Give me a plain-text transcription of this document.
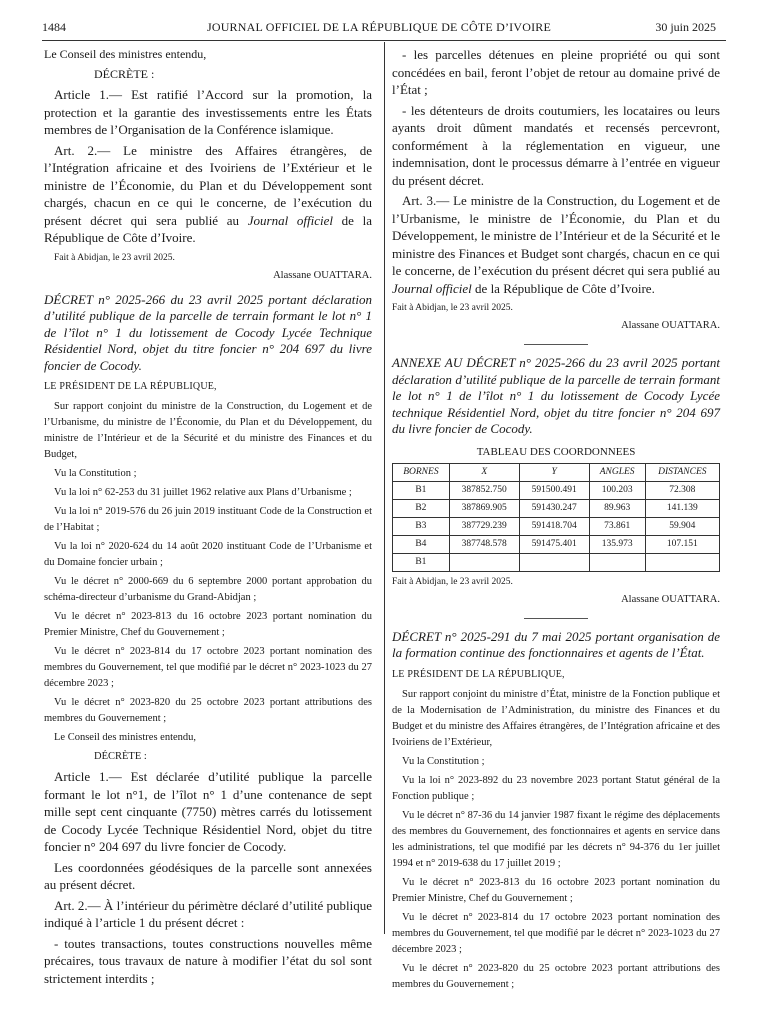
1484	JOURNAL OFFICIEL DE LA RÉPUBLIQUE DE CÔTE D’IVOIRE	30 juin 2025

Le Conseil des ministres entendu,

DÉCRÈTE :

Article 1.— Est ratifié l’Accord sur la promotion, la protection et la garantie des investissements entre les États membres de l’Organisation de la Conférence islamique.

Art. 2.— Le ministre des Affaires étrangères, de l’Intégration africaine et des Ivoiriens de l’Extérieur et le ministre de l’Économie, du Plan et du Développement sont chargés, chacun en ce qui le concerne, de l’exécution du présent décret qui sera publié au Journal officiel de la République de Côte d’Ivoire.

Fait à Abidjan, le 23 avril 2025.

Alassane OUATTARA.

DÉCRET n° 2025-266 du 23 avril 2025 portant déclaration d’utilité publique de la parcelle de terrain formant le lot n° 1 de l’îlot n° 1 du lotissement de Cocody Lycée Technique Résidentiel Nord, objet du titre foncier n° 204 697 du livre foncier de Cocody.

LE PRÉSIDENT DE LA RÉPUBLIQUE,

Sur rapport conjoint du ministre de la Construction, du Logement et de l’Urbanisme, du ministre de l’Économie, du Plan et du Développement, du ministre de l’Intérieur et de la Sécurité et du ministre des Finances et du Budget,

Vu la Constitution ;

Vu la loi n° 62-253 du 31 juillet 1962 relative aux Plans d’Urbanisme ;

Vu la loi n° 2019-576 du 26 juin 2019 instituant Code de la Construction et de l’Habitat ;

Vu la loi n° 2020-624 du 14 août 2020 instituant Code de l’Urbanisme et du Domaine foncier urbain ;

Vu le décret n° 2000-669 du 6 septembre 2000 portant approbation du schéma-directeur d’urbanisme du Grand-Abidjan ;

Vu le décret n° 2023-813 du 16 octobre 2023 portant nomination du Premier Ministre, Chef du Gouvernement ;

Vu le décret n° 2023-814 du 17 octobre 2023 portant nomination des membres du Gouvernement, tel que modifié par le décret n° 2023-1023 du 27 décembre 2023 ;

Vu le décret n° 2023-820 du 25 octobre 2023 portant attributions des membres du Gouvernement ;

Le Conseil des ministres entendu,

DÉCRÈTE :

Article 1.— Est déclarée d’utilité publique la parcelle formant le lot n°1, de l’îlot n° 1 d’une contenance de sept mille sept cent cinquante (7750) mètres carrés du lotissement de Cocody Lycée Technique Résidentiel Nord, objet du titre foncier n° 204 697 du livre foncier de Cocody.

Les coordonnées géodésiques de la parcelle sont annexées au présent décret.

Art. 2.— À l’intérieur du périmètre déclaré d’utilité publique indiqué à l’article 1 du présent décret :

- toutes transactions, toutes constructions nouvelles même précaires, tous travaux de nature à modifier l’état du sol sont strictement interdits ;

- les parcelles détenues en pleine propriété ou qui sont concédées en bail, feront l’objet de retour au domaine privé de l’État ;

- les détenteurs de droits coutumiers, les locataires ou leurs ayants droit dûment mandatés et recensés percevront, conformément à la réglementation en vigueur, une indemnisation, dont le processus démarre à l’entrée en vigueur du présent décret.

Art. 3.— Le ministre de la Construction, du Logement et de l’Urbanisme, le ministre de l’Économie, du Plan et du Développement, le ministre de l’Intérieur et de la Sécurité et le ministre des Finances et Budget sont chargés, chacun en ce qui le concerne, de l’exécution du présent décret qui sera publié au Journal officiel de la République de Côte d’Ivoire.

Fait à Abidjan, le 23 avril 2025.

Alassane OUATTARA.

ANNEXE AU DÉCRET n° 2025-266 du 23 avril 2025 portant déclaration d’utilité publique de la parcelle de terrain formant le lot n° 1 de l’îlot n° 1 du lotissement de Cocody Lycée technique Résidentiel Nord, objet du titre foncier n° 204 697 du livre foncier de Cocody.

TABLEAU DES COORDONNEES

BORNES	X	Y	ANGLES	DISTANCES
B1	387852.750	591500.491	100.203	72.308
B2	387869.905	591430.247	89.963	141.139
B3	387729.239	591418.704	73.861	59.904
B4	387748.578	591475.401	135.973	107.151
B1				

Fait à Abidjan, le 23 avril 2025.

Alassane OUATTARA.

DÉCRET n° 2025-291 du 7 mai 2025 portant organisation de la formation continue des fonctionnaires et agents de l’État.

LE PRÉSIDENT DE LA RÉPUBLIQUE,

Sur rapport conjoint du ministre d’État, ministre de la Fonction publique et de la Modernisation de l’Administration, du ministre des Finances et du Budget et du ministre des Affaires étrangères, de l’Intégration africaine et des Ivoiriens de l’Extérieur,

Vu la Constitution ;

Vu la loi n° 2023-892 du 23 novembre 2023 portant Statut général de la Fonction publique ;

Vu le décret n° 87-36 du 14 janvier 1987 fixant le régime des déplacements des membres du Gouvernement, des fonctionnaires et agents en service dans les administrations, tel que modifié par les décrets n° 94-376 du 1er juillet 1994 et n° 2019-638 du 17 juillet 2019 ;

Vu le décret n° 2023-813 du 16 octobre 2023 portant nomination du Premier Ministre, Chef du Gouvernement ;

Vu le décret n° 2023-814 du 17 octobre 2023 portant nomination des membres du Gouvernement, tel que modifié par le décret n° 2023-1023 du 27 décembre 2023 ;

Vu le décret n° 2023-820 du 25 octobre 2023 portant attributions des membres du Gouvernement ;
